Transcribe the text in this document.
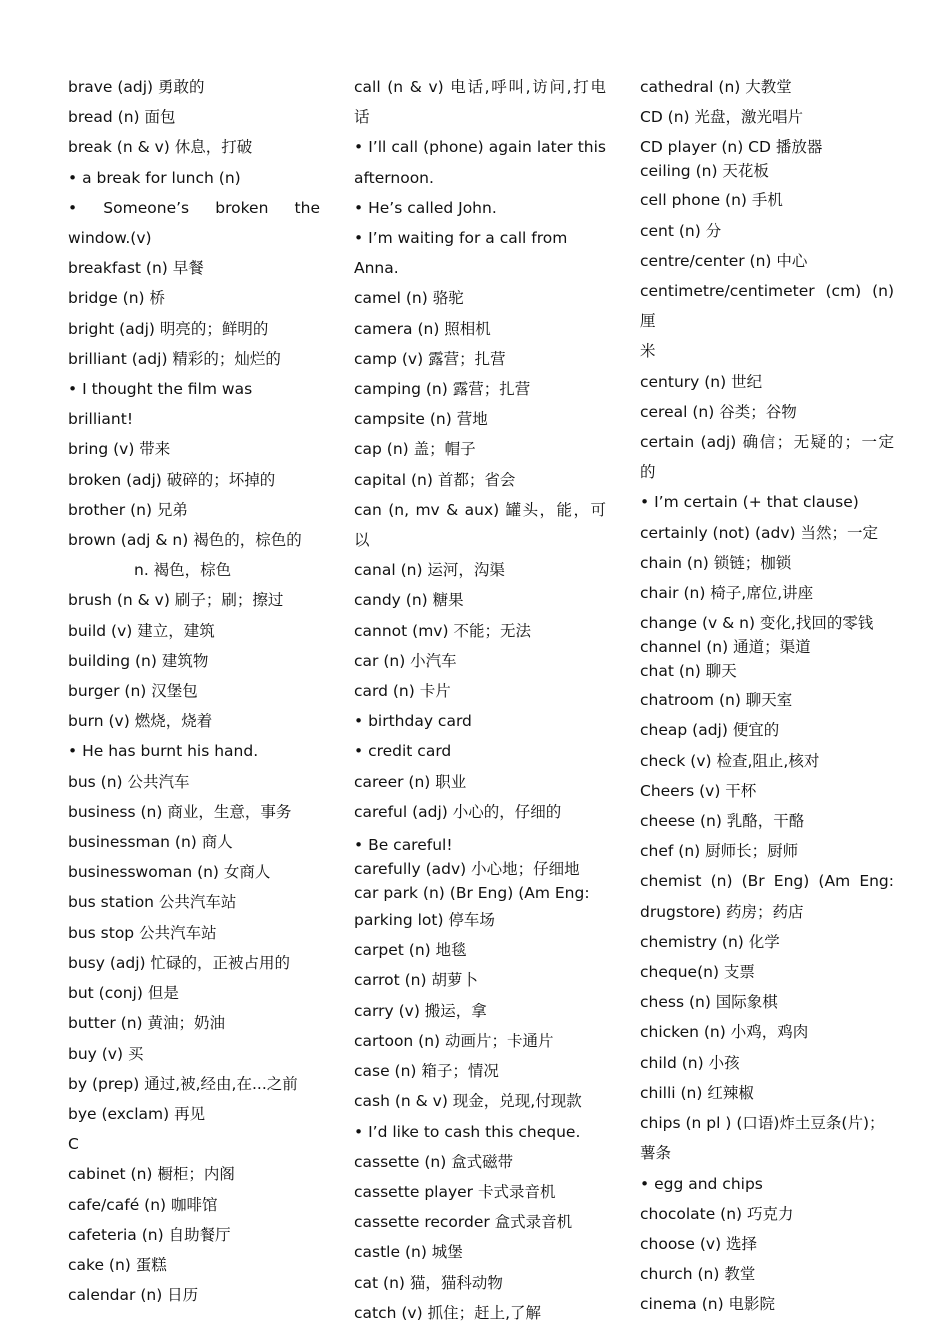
brave (adj) 勇敢的

bread (n) 面包

break (n & v) 休息，打破

• a break for lunch (n)

• Someone’s broken the

window.(v)

breakfast (n) 早餐

bridge (n) 桥

bright (adj) 明亮的；鲜明的

brilliant (adj) 精彩的；灿烂的

• I thought the film was brilliant!

bring (v) 带来

broken (adj) 破碎的；坏掉的

brother (n) 兄弟

brown (adj & n) 褐色的，棕色的

n. 褐色，棕色

brush (n & v) 刷子；刷；擦过

build (v) 建立，建筑

building (n) 建筑物

burger (n) 汉堡包

burn (v) 燃烧，烧着

• He has burnt his hand.

bus (n) 公共汽车

business (n) 商业，生意，事务

businessman (n) 商人

businesswoman (n) 女商人

bus station 公共汽车站

bus stop 公共汽车站

busy (adj) 忙碌的，正被占用的

but (conj) 但是

butter (n) 黄油；奶油

buy (v) 买

by (prep) 通过,被,经由,在...之前

bye (exclam) 再见

C

cabinet (n) 橱柜；内阁

cafe/café (n) 咖啡馆

cafeteria (n) 自助餐厅

cake (n) 蛋糕

calendar (n) 日历

call (n & v) 电话,呼叫,访问,打电

话

• I’ll call (phone) again later this

afternoon.

• He’s called John.

• I’m waiting for a call from Anna.

camel (n) 骆驼

camera (n) 照相机

camp (v) 露营；扎营

camping (n) 露营；扎营

campsite (n) 营地

cap (n) 盖；帽子

capital (n) 首都；省会

can (n, mv & aux) 罐头，能，可

以

canal (n) 运河，沟渠

candy (n) 糖果

cannot (mv) 不能；无法

car (n) 小汽车

card (n) 卡片

• birthday card

• credit card

career (n) 职业

careful (adj) 小心的，仔细的

• Be careful!

carefully (adv) 小心地；仔细地

car park (n) (Br Eng) (Am Eng:

parking lot) 停车场

carpet (n) 地毯

carrot (n) 胡萝卜

carry (v) 搬运，拿

cartoon (n) 动画片；卡通片

case (n) 箱子；情况

cash (n & v) 现金，兑现,付现款

• I’d like to cash this cheque.

cassette (n) 盒式磁带

cassette player 卡式录音机

cassette recorder 盒式录音机

castle (n) 城堡

cat (n) 猫，猫科动物

catch (v) 抓住；赶上,了解

cathedral (n) 大教堂

CD (n) 光盘，激光唱片

CD player (n) CD 播放器

ceiling (n) 天花板

cell phone (n) 手机

cent (n) 分

centre/center (n) 中心

centimetre/centimeter (cm) (n) 厘

米

century (n) 世纪

cereal (n) 谷类；谷物

certain (adj) 确信；无疑的；一定

的

• I’m certain (+ that clause)

certainly (not) (adv) 当然；一定

chain (n) 锁链；枷锁

chair (n) 椅子,席位,讲座

change (v & n) 变化,找回的零钱

channel (n) 通道；渠道

chat (n) 聊天

chatroom (n) 聊天室

cheap (adj) 便宜的

check (v) 检查,阻止,核对

Cheers (v) 干杯

cheese (n) 乳酪，干酪

chef (n) 厨师长；厨师

chemist (n) (Br Eng) (Am Eng:

drugstore) 药房；药店

chemistry (n) 化学

cheque(n) 支票

chess (n) 国际象棋

chicken (n) 小鸡，鸡肉

child (n) 小孩

chilli (n) 红辣椒

chips (n pl ) (口语)炸土豆条(片)；

薯条

• egg and chips

chocolate (n) 巧克力

choose (v) 选择

church (n) 教堂

cinema (n) 电影院
